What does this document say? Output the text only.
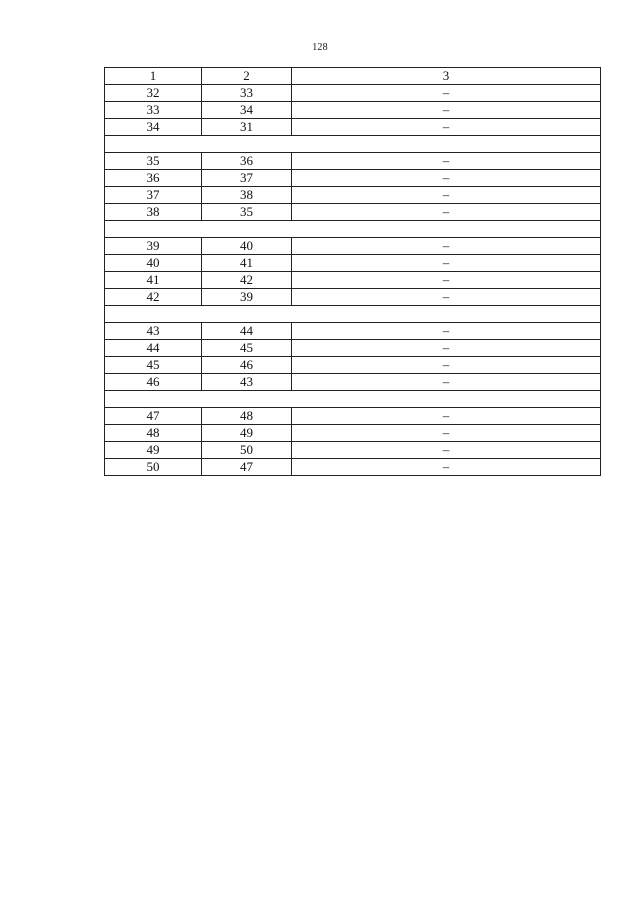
128
1	2	3
32	33	–
33	34	–
34	31	–

35	36	–
36	37	–
37	38	–
38	35	–

39	40	–
40	41	–
41	42	–
42	39	–

43	44	–
44	45	–
45	46	–
46	43	–

47	48	–
48	49	–
49	50	–
50	47	–
